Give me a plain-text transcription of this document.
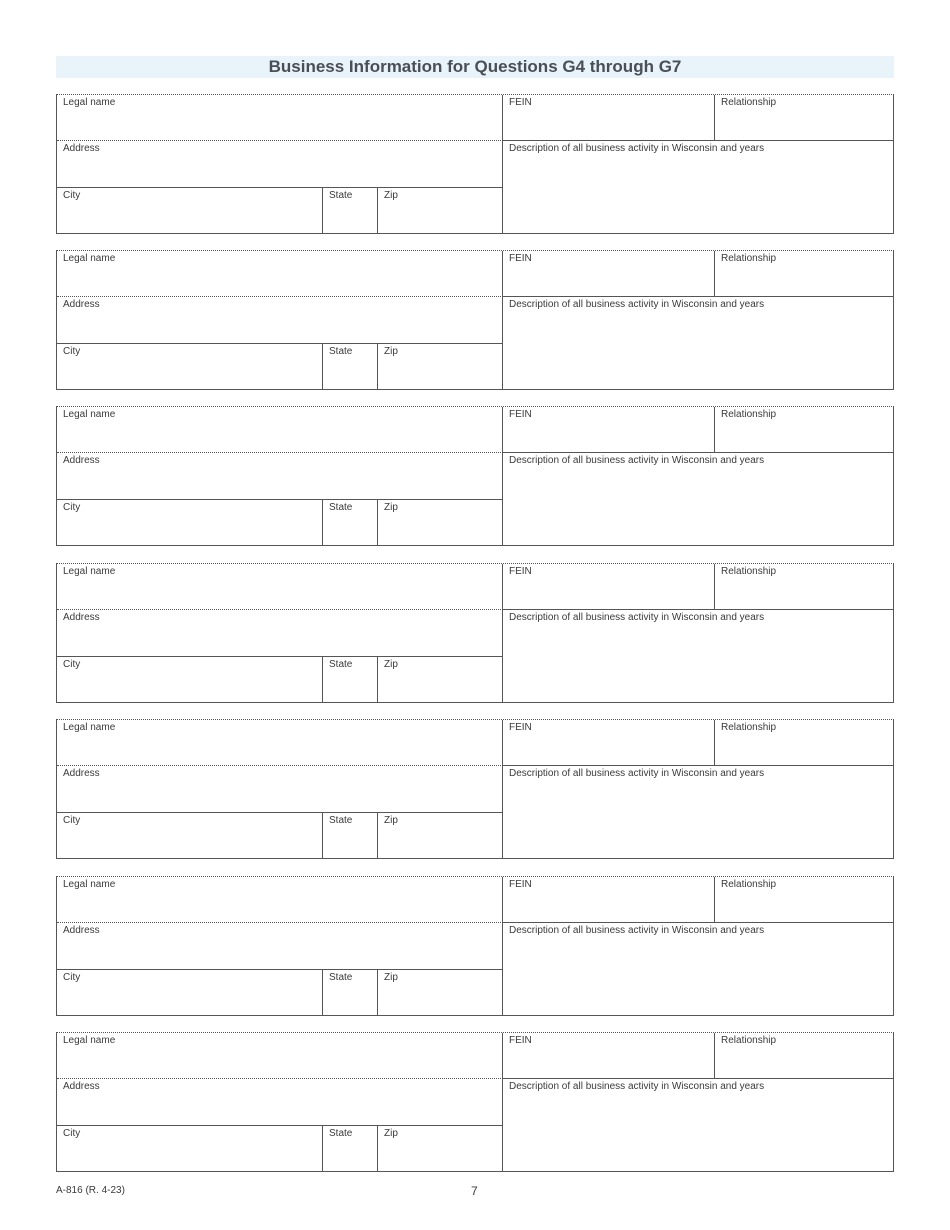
Business Information for Questions G4 through G7
Legal name	FEIN	Relationship
Address	Description of all business activity in Wisconsin and years
City	State	Zip
Legal name	FEIN	Relationship
Address	Description of all business activity in Wisconsin and years
City	State	Zip
Legal name	FEIN	Relationship
Address	Description of all business activity in Wisconsin and years
City	State	Zip
Legal name	FEIN	Relationship
Address	Description of all business activity in Wisconsin and years
City	State	Zip
Legal name	FEIN	Relationship
Address	Description of all business activity in Wisconsin and years
City	State	Zip
Legal name	FEIN	Relationship
Address	Description of all business activity in Wisconsin and years
City	State	Zip
Legal name	FEIN	Relationship
Address	Description of all business activity in Wisconsin and years
City	State	Zip
A-816 (R. 4-23)	7
